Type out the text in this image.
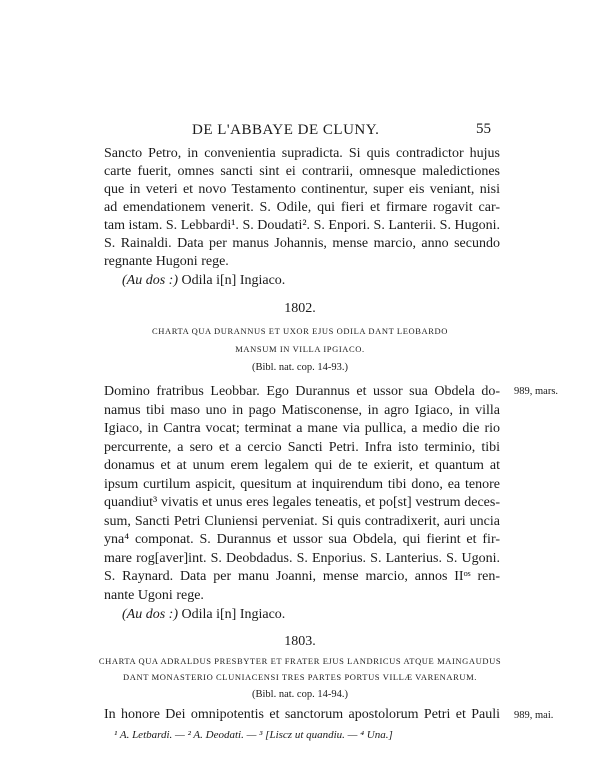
DE L'ABBAYE DE CLUNY.	55
Sancto Petro, in convenientia supradicta. Si quis contradictor hujus
carte fuerit, omnes sancti sint ei contrarii, omnesque maledictiones
que in veteri et novo Testamento continentur, super eis veniant, nisi
ad emendationem venerit. S. Odile, qui fieri et firmare rogavit car-
tam istam. S. Lebbardi¹. S. Doudati². S. Enpori. S. Lanterii. S. Hugoni.
S. Rainaldi. Data per manus Johannis, mense marcio, anno secundo
regnante Hugoni rege.
(Au dos :) Odila i[n] Ingiaco.
1802.
CHARTA QUA DURANNUS ET UXOR EJUS ODILA DANT LEOBARDO
MANSUM IN VILLA IPGIACO.
(Bibl. nat. cop. 14-93.)
989, mars.
Domino fratribus Leobbar. Ego Durannus et ussor sua Obdela do-
namus tibi maso uno in pago Matisconense, in agro Igiaco, in villa
Igiaco, in Cantra vocat; terminat a mane via pullica, a medio die rio
percurrente, a sero et a cercio Sancti Petri. Infra isto terminio, tibi
donamus et at unum erem legalem qui de te exierit, et quantum at
ipsum curtilum aspicit, quesitum at inquirendum tibi dono, ea tenore
quandiut³ vivatis et unus eres legales teneatis, et po[st] vestrum deces-
sum, Sancti Petri Cluniensi perveniat. Si quis contradixerit, auri uncia
yna⁴ componat. S. Durannus et ussor sua Obdela, qui fierint et fir-
mare rog[aver]int. S. Deobdadus. S. Enporius. S. Lanterius. S. Ugoni.
S. Raynard. Data per manu Joanni, mense marcio, annos IIᵒˢ ren-
nante Ugoni rege.
(Au dos :) Odila i[n] Ingiaco.
1803.
CHARTA QUA ADRALDUS PRESBYTER ET FRATER EJUS LANDRICUS ATQUE MAINGAUDUS
DANT MONASTERIO CLUNIACENSI TRES PARTES PORTUS VILLÆ VARENARUM.
(Bibl. nat. cop. 14-94.)
989, mai.
In honore Dei omnipotentis et sanctorum apostolorum Petri et Pauli
¹ A. Letbardi. — ² A. Deodati. — ³ [Liscz ut quandiu. — ⁴ Una.]
